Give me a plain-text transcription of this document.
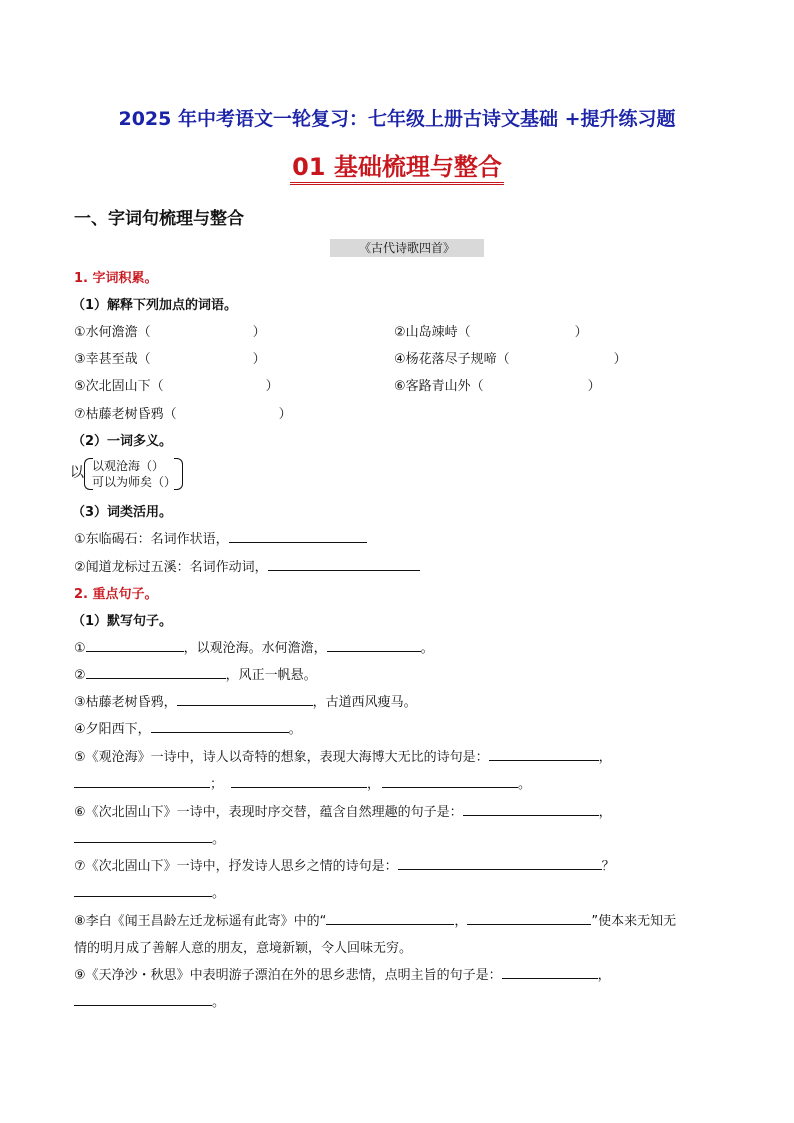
2025 年中考语文一轮复习：七年级上册古诗文基础 +提升练习题
01 基础梳理与整合
一、字词句梳理与整合
《古代诗歌四首》
1. 字词积累。
（1）解释下列加点的词语。
①水何澹澹（	）	②山岛竦峙（	）
③幸甚至哉（	）	④杨花落尽子规啼（	）
⑤次北固山下（	）	⑥客路青山外（	）
⑦枯藤老树昏鸦（	）
（2）一词多义。
以 以观沧海（）
可以为师矣（）
（3）词类活用。
①东临碣石：名词作状语，
②闻道龙标过五溪：名词作动词，
2. 重点句子。
（1）默写句子。
①	，以观沧海。水何澹澹，	。
②	，风正一帆悬。
③枯藤老树昏鸦，	，古道西风瘦马。
④夕阳西下，	。
⑤《观沧海》一诗中，诗人以奇特的想象，表现大海博大无比的诗句是：	，
；	，	。
⑥《次北固山下》一诗中，表现时序交替，蕴含自然理趣的句子是：	，
。
⑦《次北固山下》一诗中，抒发诗人思乡之情的诗句是：	？
。
⑧李白《闻王昌龄左迁龙标遥有此寄》中的“	，	”使本来无知无
情的明月成了善解人意的朋友，意境新颖，令人回味无穷。
⑨《天净沙・秋思》中表明游子漂泊在外的思乡悲情，点明主旨的句子是：	，
。
